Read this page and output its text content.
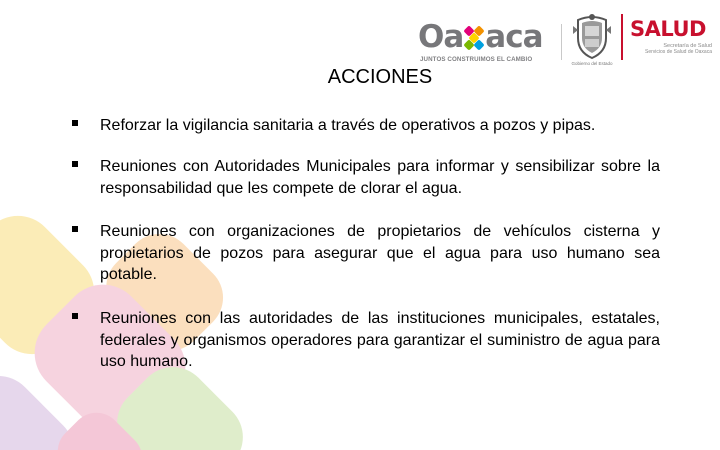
Oa aca
JUNTOS CONSTRUIMOS EL CAMBIO
Gobierno del Estado
SALUD
Secretaría de Salud
Servicios de Salud de Oaxaca
ACCIONES
Reforzar la vigilancia sanitaria a través de operativos a pozos y pipas.
Reuniones con Autoridades Municipales para informar y sensibilizar sobre la responsabilidad que les compete de clorar el agua.
Reuniones con organizaciones de propietarios de vehículos cisterna y propietarios de pozos para asegurar que el agua para uso humano sea potable.
Reuniones con las autoridades de las instituciones municipales, estatales, federales y organismos operadores para garantizar el suministro de agua para uso humano.
